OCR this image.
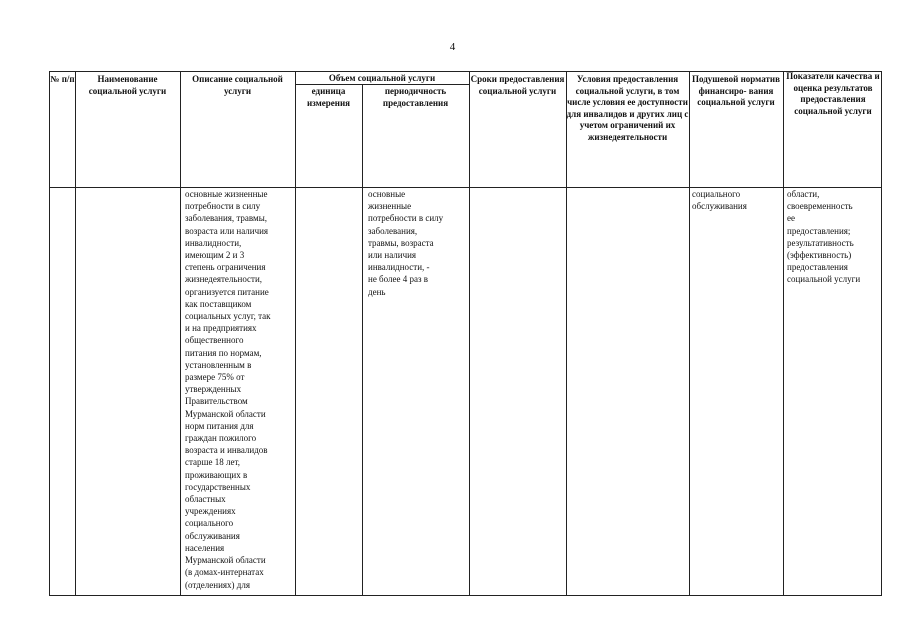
4
№ п/п	Наименование социальной услуги
Описание социальной услуги
Объем социальной услуги
единица измерения
периодичность предоставления
Сроки предоставления социальной услуги
Условия предоставления социальной услуги, в том числе условия ее доступности для инвалидов и других лиц с учетом ограничений их жизнедеятельности
Подушевой норматив финансиро- вания социальной услуги
Показатели качества и оценка результатов предоставления социальной услуги
основные жизненные
потребности в силу
заболевания, травмы,
возраста или наличия
инвалидности,
имеющим 2 и 3
степень ограничения
жизнедеятельности,
организуется питание
как поставщиком
социальных услуг, так
и на предприятиях
общественного
питания по нормам,
установленным в
размере 75% от
утвержденных
Правительством
Мурманской области
норм питания для
граждан пожилого
возраста и инвалидов
старше 18 лет,
проживающих в
государственных
областных
учреждениях
социального
обслуживания
населения
Мурманской области
(в домах-интернатах
(отделениях) для
основные
жизненные
потребности в силу
заболевания,
травмы, возраста
или наличия
инвалидности, -
не более 4 раз в
день
социального
обслуживания
области,
своевременность
ее
предоставления;
результативность
(эффективность)
предоставления
социальной услуги
